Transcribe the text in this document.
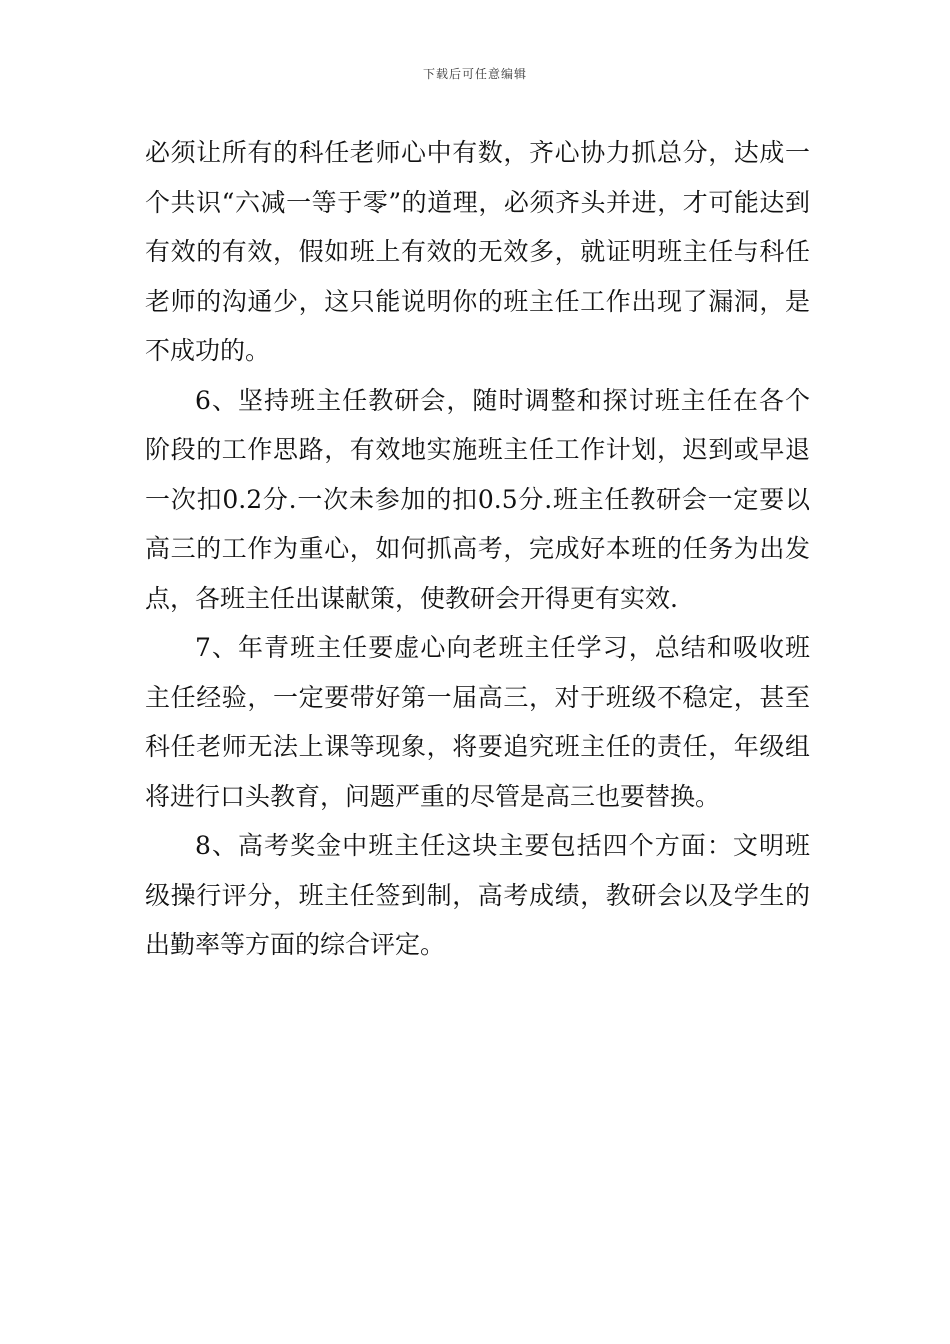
下载后可任意编辑

必须让所有的科任老师心中有数，齐心协力抓总分，达成一个共识“六减一等于零”的道理，必须齐头并进，才可能达到有效的有效，假如班上有效的无效多，就证明班主任与科任老师的沟通少，这只能说明你的班主任工作出现了漏洞，是不成功的。

6、坚持班主任教研会，随时调整和探讨班主任在各个阶段的工作思路，有效地实施班主任工作计划，迟到或早退一次扣0.2分.一次未参加的扣0.5分.班主任教研会一定要以高三的工作为重心，如何抓高考，完成好本班的任务为出发点，各班主任出谋献策，使教研会开得更有实效.

7、年青班主任要虚心向老班主任学习，总结和吸收班主任经验，一定要带好第一届高三，对于班级不稳定，甚至科任老师无法上课等现象，将要追究班主任的责任，年级组将进行口头教育，问题严重的尽管是高三也要替换。

8、高考奖金中班主任这块主要包括四个方面：文明班级操行评分，班主任签到制，高考成绩，教研会以及学生的出勤率等方面的综合评定。
